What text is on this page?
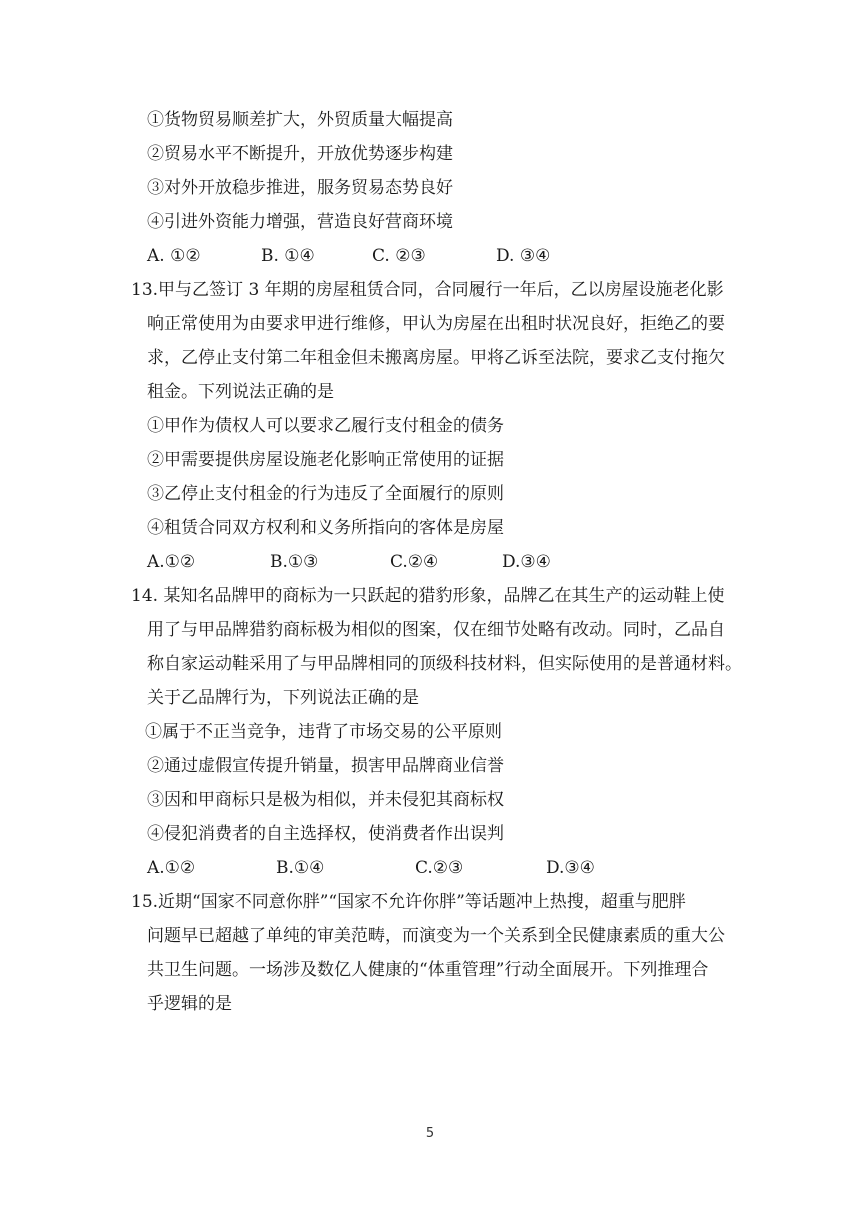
①货物贸易顺差扩大，外贸质量大幅提高
②贸易水平不断提升，开放优势逐步构建
③对外开放稳步推进，服务贸易态势良好
④引进外资能力增强，营造良好营商环境
A. ①②	B. ①④	C. ②③	D. ③④
13.甲与乙签订 3 年期的房屋租赁合同，合同履行一年后，乙以房屋设施老化影
响正常使用为由要求甲进行维修，甲认为房屋在出租时状况良好，拒绝乙的要
求，乙停止支付第二年租金但未搬离房屋。甲将乙诉至法院，要求乙支付拖欠
租金。下列说法正确的是
①甲作为债权人可以要求乙履行支付租金的债务
②甲需要提供房屋设施老化影响正常使用的证据
③乙停止支付租金的行为违反了全面履行的原则
④租赁合同双方权利和义务所指向的客体是房屋
A.①②	B.①③	C.②④	D.③④
14. 某知名品牌甲的商标为一只跃起的猎豹形象，品牌乙在其生产的运动鞋上使
用了与甲品牌猎豹商标极为相似的图案，仅在细节处略有改动。同时，乙品自
称自家运动鞋采用了与甲品牌相同的顶级科技材料，但实际使用的是普通材料。
关于乙品牌行为，下列说法正确的是
①属于不正当竞争，违背了市场交易的公平原则
②通过虚假宣传提升销量，损害甲品牌商业信誉
③因和甲商标只是极为相似，并未侵犯其商标权
④侵犯消费者的自主选择权，使消费者作出误判
A.①②	B.①④	C.②③	D.③④
15.近期“国家不同意你胖”“国家不允许你胖”等话题冲上热搜，超重与肥胖
问题早已超越了单纯的审美范畴，而演变为一个关系到全民健康素质的重大公
共卫生问题。一场涉及数亿人健康的“体重管理”行动全面展开。下列推理合
乎逻辑的是
5
